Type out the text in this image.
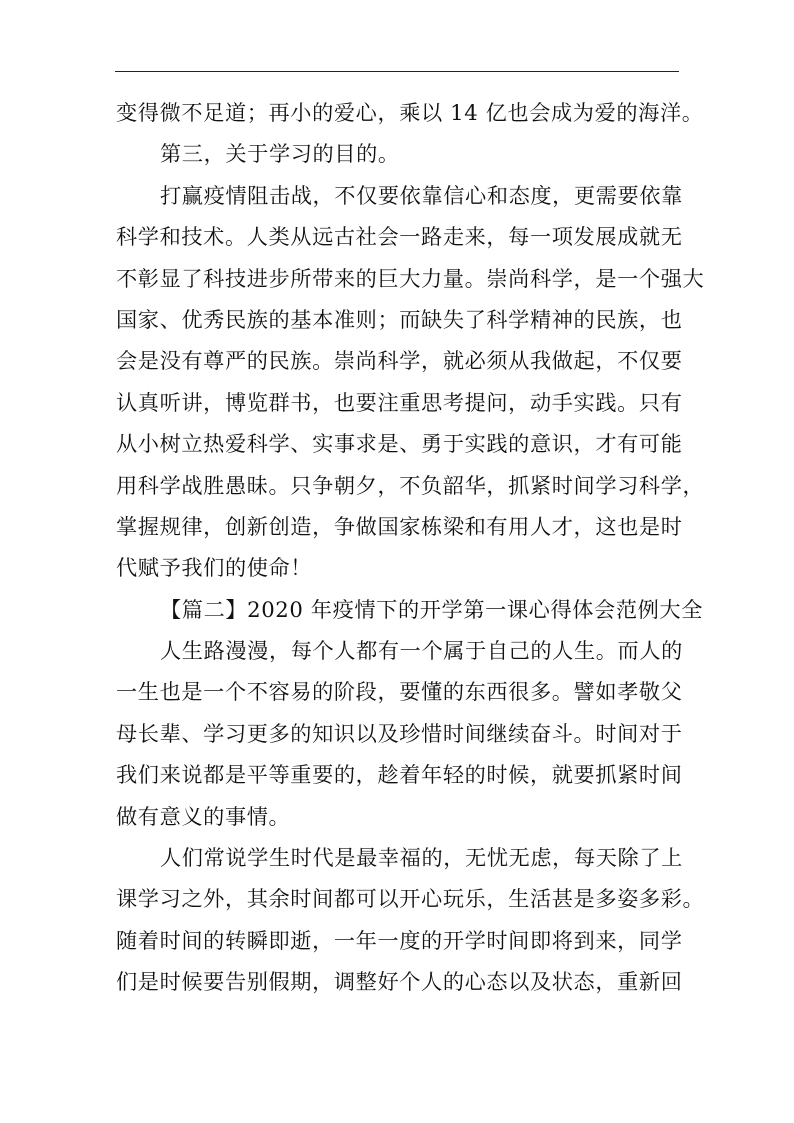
变得微不足道；再小的爱心，乘以 14 亿也会成为爱的海洋。
第三，关于学习的目的。
打赢疫情阻击战，不仅要依靠信心和态度，更需要依靠
科学和技术。人类从远古社会一路走来，每一项发展成就无
不彰显了科技进步所带来的巨大力量。崇尚科学，是一个强大
国家、优秀民族的基本准则；而缺失了科学精神的民族，也
会是没有尊严的民族。崇尚科学，就必须从我做起，不仅要
认真听讲，博览群书，也要注重思考提问，动手实践。只有
从小树立热爱科学、实事求是、勇于实践的意识，才有可能
用科学战胜愚昧。只争朝夕，不负韶华，抓紧时间学习科学，
掌握规律，创新创造，争做国家栋梁和有用人才，这也是时
代赋予我们的使命！
【篇二】2020 年疫情下的开学第一课心得体会范例大全
人生路漫漫，每个人都有一个属于自己的人生。而人的
一生也是一个不容易的阶段，要懂的东西很多。譬如孝敬父
母长辈、学习更多的知识以及珍惜时间继续奋斗。时间对于
我们来说都是平等重要的，趁着年轻的时候，就要抓紧时间
做有意义的事情。
人们常说学生时代是最幸福的，无忧无虑，每天除了上
课学习之外，其余时间都可以开心玩乐，生活甚是多姿多彩。
随着时间的转瞬即逝，一年一度的开学时间即将到来，同学
们是时候要告别假期，调整好个人的心态以及状态，重新回
